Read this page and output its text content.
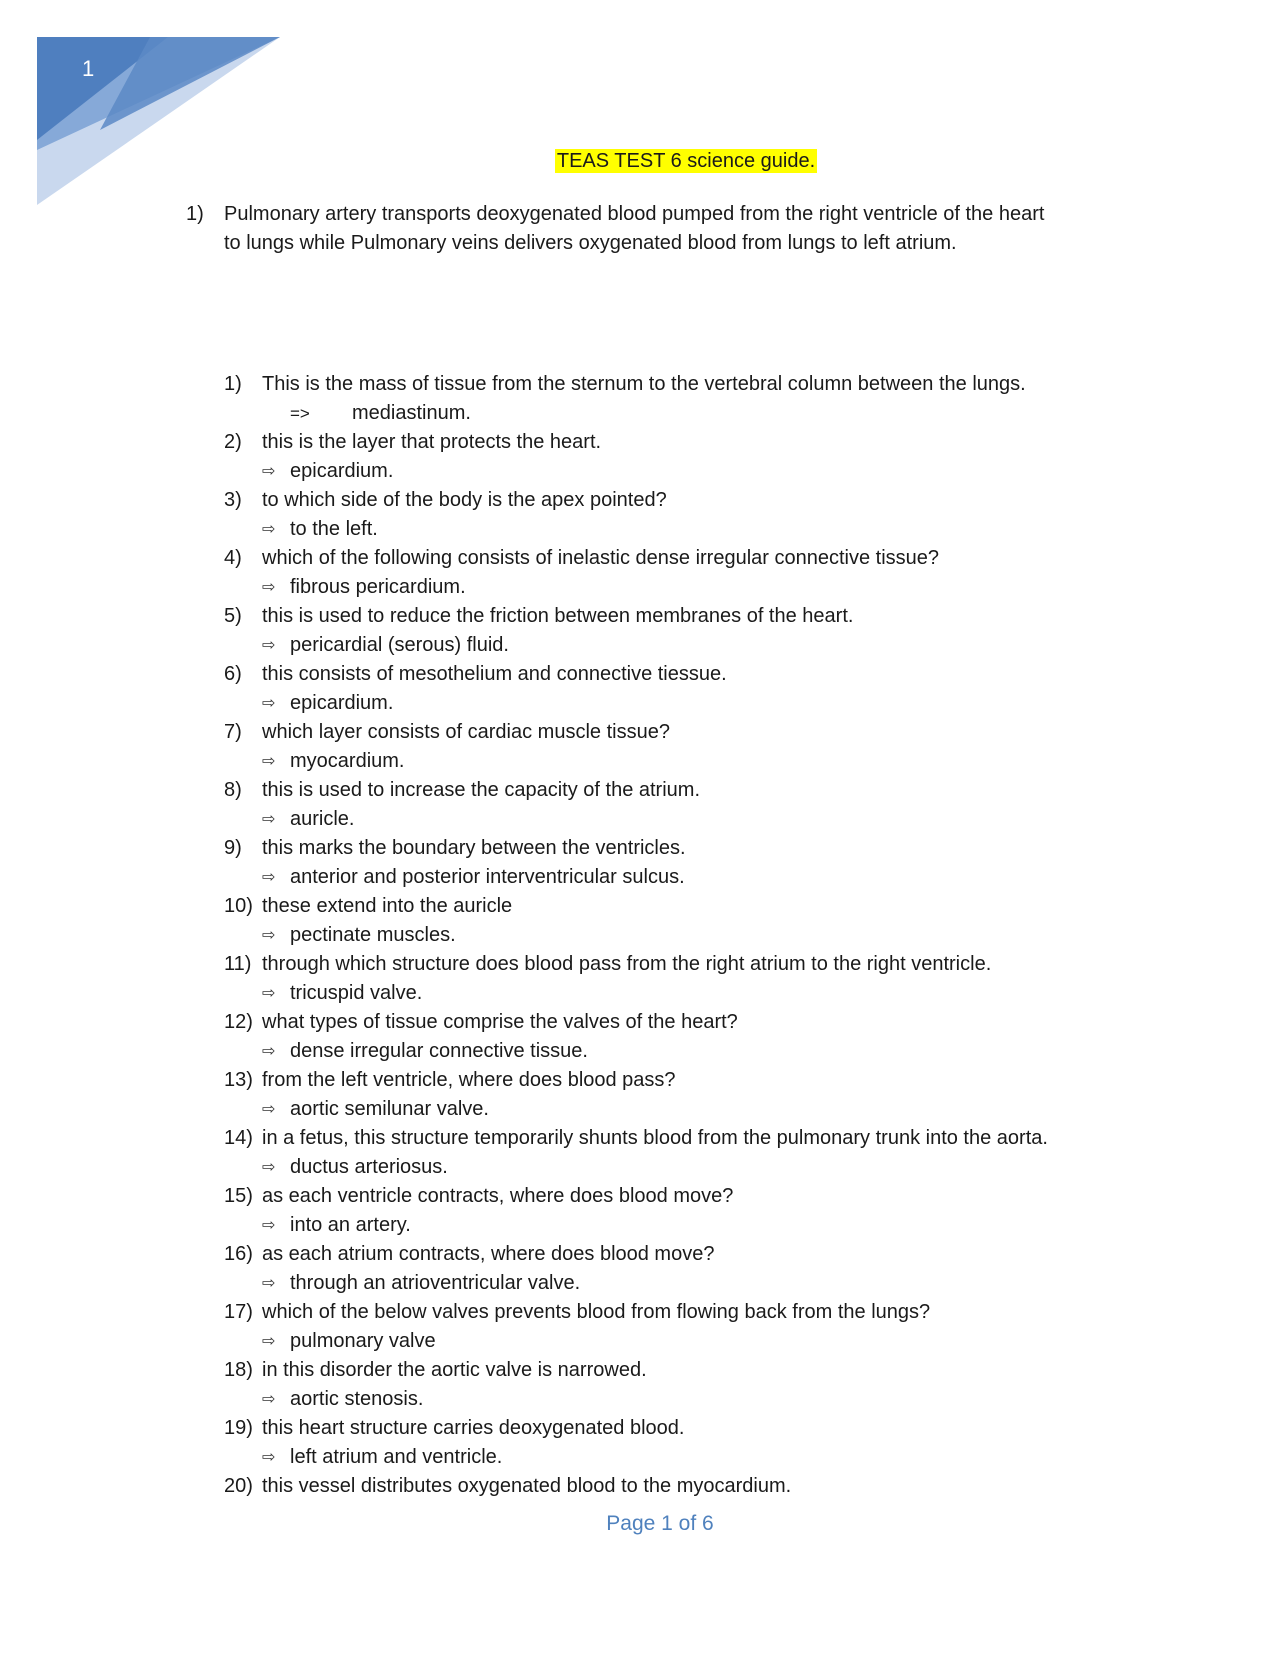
1
TEAS TEST 6 science guide.
1)	Pulmonary artery transports deoxygenated blood pumped from the right ventricle of the heart
to lungs while Pulmonary veins delivers oxygenated blood from lungs to left atrium.
1)	This is the mass of tissue from the sternum to the vertebral column between the lungs.
=>	mediastinum.
2)	this is the layer that protects the heart.
⇨ epicardium.
3)	to which side of the body is the apex pointed?
⇨ to the left.
4)	which of the following consists of inelastic dense irregular connective tissue?
⇨ fibrous pericardium.
5)	this is used to reduce the friction between membranes of the heart.
⇨ pericardial (serous) fluid.
6)	this consists of mesothelium and connective tiessue.
⇨ epicardium.
7)	which layer consists of cardiac muscle tissue?
⇨ myocardium.
8)	this is used to increase the capacity of the atrium.
⇨ auricle.
9)	this marks the boundary between the ventricles.
⇨ anterior and posterior interventricular sulcus.
10) these extend into the auricle
⇨ pectinate muscles.
11) through which structure does blood pass from the right atrium to the right ventricle.
⇨ tricuspid valve.
12) what types of tissue comprise the valves of the heart?
⇨ dense irregular connective tissue.
13) from the left ventricle, where does blood pass?
⇨ aortic semilunar valve.
14) in a fetus, this structure temporarily shunts blood from the pulmonary trunk into the aorta.
⇨ ductus arteriosus.
15) as each ventricle contracts, where does blood move?
⇨ into an artery.
16) as each atrium contracts, where does blood move?
⇨ through an atrioventricular valve.
17) which of the below valves prevents blood from flowing back from the lungs?
⇨ pulmonary valve
18) in this disorder the aortic valve is narrowed.
⇨ aortic stenosis.
19) this heart structure carries deoxygenated blood.
⇨ left atrium and ventricle.
20) this vessel distributes oxygenated blood to the myocardium.
Page 1 of 6
